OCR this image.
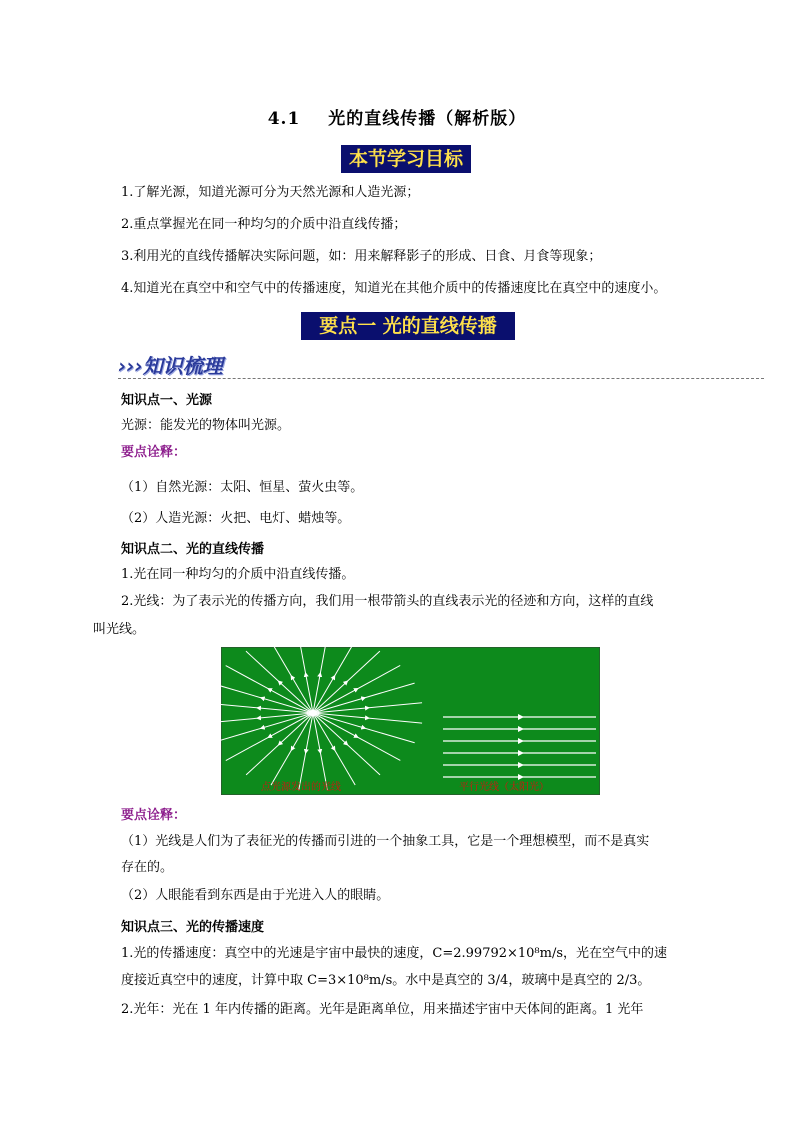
4.1 光的直线传播（解析版）
本节学习目标
1.了解光源，知道光源可分为天然光源和人造光源；
2.重点掌握光在同一种均匀的介质中沿直线传播；
3.利用光的直线传播解决实际问题，如：用来解释影子的形成、日食、月食等现象；
4.知道光在真空中和空气中的传播速度，知道光在其他介质中的传播速度比在真空中的速度小。
要点一 光的直线传播
›››知识梳理
知识点一、光源
光源：能发光的物体叫光源。
要点诠释：
（1）自然光源：太阳、恒星、萤火虫等。
（2）人造光源：火把、电灯、蜡烛等。
知识点二、光的直线传播
1.光在同一种均匀的介质中沿直线传播。
2.光线：为了表示光的传播方向，我们用一根带箭头的直线表示光的径迹和方向，这样的直线
叫光线。
点光源发出的光线	平行光线（太阳光）
要点诠释：
（1）光线是人们为了表征光的传播而引进的一个抽象工具，它是一个理想模型，而不是真实
存在的。
（2）人眼能看到东西是由于光进入人的眼睛。
知识点三、光的传播速度
1.光的传播速度：真空中的光速是宇宙中最快的速度，C=2.99792×10⁸m/s，光在空气中的速
度接近真空中的速度，计算中取 C=3×10⁸m/s。水中是真空的 3/4，玻璃中是真空的 2/3。
2.光年：光在 1 年内传播的距离。光年是距离单位，用来描述宇宙中天体间的距离。1 光年
